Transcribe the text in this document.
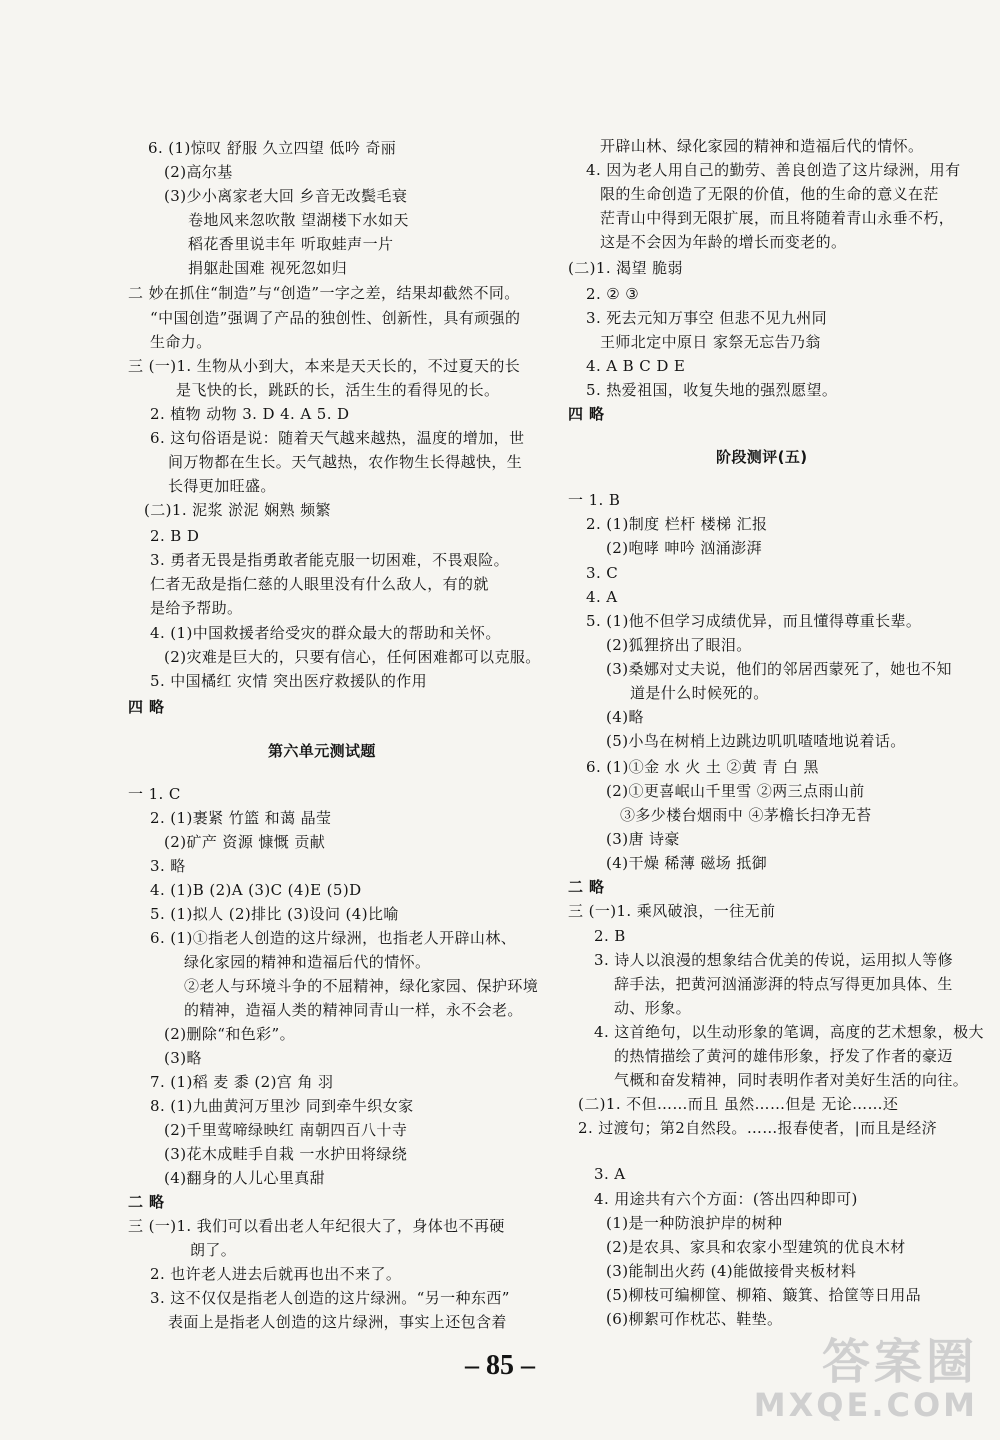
6. (1)惊叹 舒服 久立四望 低吟 奇丽
(2)高尔基
(3)少小离家老大回 乡音无改鬓毛衰
卷地风来忽吹散 望湖楼下水如天
稻花香里说丰年 听取蛙声一片
捐躯赴国难 视死忽如归
二 妙在抓住“制造”与“创造”一字之差，结果却截然不同。
“中国创造”强调了产品的独创性、创新性，具有顽强的
生命力。
三 (一)1. 生物从小到大，本来是天天长的，不过夏天的长
是飞快的长，跳跃的长，活生生的看得见的长。
2. 植物 动物 3. D 4. A 5. D
6. 这句俗语是说：随着天气越来越热，温度的增加，世
间万物都在生长。天气越热，农作物生长得越快，生
长得更加旺盛。
(二)1. 泥浆 淤泥 娴熟 频繁
2. B D
3. 勇者无畏是指勇敢者能克服一切困难，不畏艰险。
仁者无敌是指仁慈的人眼里没有什么敌人，有的就
是给予帮助。
4. (1)中国救援者给受灾的群众最大的帮助和关怀。
(2)灾难是巨大的，只要有信心，任何困难都可以克服。
5. 中国橘红 灾情 突出医疗救援队的作用
四 略
第六单元测试题
一 1. C
2. (1)裹紧 竹篮 和蔼 晶莹
(2)矿产 资源 慷慨 贡献
3. 略
4. (1)B (2)A (3)C (4)E (5)D
5. (1)拟人 (2)排比 (3)设问 (4)比喻
6. (1)①指老人创造的这片绿洲，也指老人开辟山林、
绿化家园的精神和造福后代的情怀。
②老人与环境斗争的不屈精神，绿化家园、保护环境
的精神，造福人类的精神同青山一样，永不会老。
(2)删除“和色彩”。
(3)略
7. (1)稻 麦 黍 (2)宫 角 羽
8. (1)九曲黄河万里沙 同到牵牛织女家
(2)千里莺啼绿映红 南朝四百八十寺
(3)花木成畦手自栽 一水护田将绿绕
(4)翻身的人儿心里真甜
二 略
三 (一)1. 我们可以看出老人年纪很大了，身体也不再硬
朗了。
2. 也许老人进去后就再也出不来了。
3. 这不仅仅是指老人创造的这片绿洲。“另一种东西”
表面上是指老人创造的这片绿洲，事实上还包含着
开辟山林、绿化家园的精神和造福后代的情怀。
4. 因为老人用自己的勤劳、善良创造了这片绿洲，用有
限的生命创造了无限的价值，他的生命的意义在茫
茫青山中得到无限扩展，而且将随着青山永垂不朽，
这是不会因为年龄的增长而变老的。
(二)1. 渴望 脆弱
2. ② ③
3. 死去元知万事空 但悲不见九州同
王师北定中原日 家祭无忘告乃翁
4. A B C D E
5. 热爱祖国，收复失地的强烈愿望。
四 略
阶段测评(五)
一 1. B
2. (1)制度 栏杆 楼梯 汇报
(2)咆哮 呻吟 汹涌澎湃
3. C
4. A
5. (1)他不但学习成绩优异，而且懂得尊重长辈。
(2)狐狸挤出了眼泪。
(3)桑娜对丈夫说，他们的邻居西蒙死了，她也不知
道是什么时候死的。
(4)略
(5)小鸟在树梢上边跳边叽叽喳喳地说着话。
6. (1)①金 水 火 土 ②黄 青 白 黑
(2)①更喜岷山千里雪 ②两三点雨山前
③多少楼台烟雨中 ④茅檐长扫净无苔
(3)唐 诗豪
(4)干燥 稀薄 磁场 抵御
二 略
三 (一)1. 乘风破浪，一往无前
2. B
3. 诗人以浪漫的想象结合优美的传说，运用拟人等修
辞手法，把黄河汹涌澎湃的特点写得更加具体、生
动、形象。
4. 这首绝句，以生动形象的笔调，高度的艺术想象，极大
的热情描绘了黄河的雄伟形象，抒发了作者的豪迈
气概和奋发精神，同时表明作者对美好生活的向往。
(二)1. 不但……而且 虽然……但是 无论……还
2. 过渡句；第2自然段。……报春使者，|而且是经济
3. A
4. 用途共有六个方面：(答出四种即可)
(1)是一种防浪护岸的树种
(2)是农具、家具和农家小型建筑的优良木材
(3)能制出火药 (4)能做接骨夹板材料
(5)柳枝可编柳筐、柳箱、簸箕、拾筐等日用品
(6)柳絮可作枕芯、鞋垫。
– 85 –	答案圈
MXQE.COM
